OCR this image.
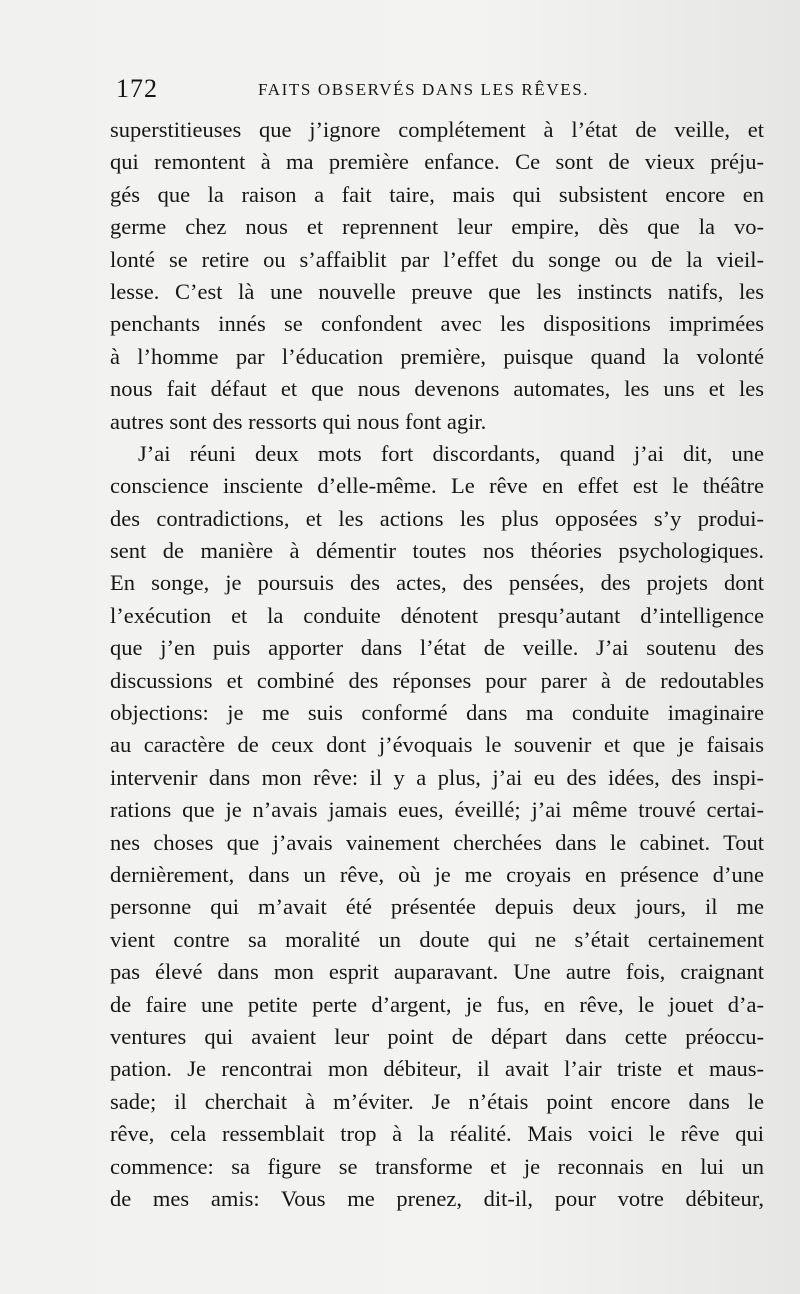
172	FAITS OBSERVÉS DANS LES RÊVES.
superstitieuses que j’ignore complétement à l’état de veille, et
qui remontent à ma première enfance. Ce sont de vieux préju-
gés que la raison a fait taire, mais qui subsistent encore en
germe chez nous et reprennent leur empire, dès que la vo-
lonté se retire ou s’affaiblit par l’effet du songe ou de la vieil-
lesse. C’est là une nouvelle preuve que les instincts natifs, les
penchants innés se confondent avec les dispositions imprimées
à l’homme par l’éducation première, puisque quand la volonté
nous fait défaut et que nous devenons automates, les uns et les
autres sont des ressorts qui nous font agir.
J’ai réuni deux mots fort discordants, quand j’ai dit, une
conscience insciente d’elle-même. Le rêve en effet est le théâtre
des contradictions, et les actions les plus opposées s’y produi-
sent de manière à démentir toutes nos théories psychologiques.
En songe, je poursuis des actes, des pensées, des projets dont
l’exécution et la conduite dénotent presqu’autant d’intelligence
que j’en puis apporter dans l’état de veille. J’ai soutenu des
discussions et combiné des réponses pour parer à de redoutables
objections: je me suis conformé dans ma conduite imaginaire
au caractère de ceux dont j’évoquais le souvenir et que je faisais
intervenir dans mon rêve: il y a plus, j’ai eu des idées, des inspi-
rations que je n’avais jamais eues, éveillé; j’ai même trouvé certai-
nes choses que j’avais vainement cherchées dans le cabinet. Tout
dernièrement, dans un rêve, où je me croyais en présence d’une
personne qui m’avait été présentée depuis deux jours, il me
vient contre sa moralité un doute qui ne s’était certainement
pas élevé dans mon esprit auparavant. Une autre fois, craignant
de faire une petite perte d’argent, je fus, en rêve, le jouet d’a-
ventures qui avaient leur point de départ dans cette préoccu-
pation. Je rencontrai mon débiteur, il avait l’air triste et maus-
sade; il cherchait à m’éviter. Je n’étais point encore dans le
rêve, cela ressemblait trop à la réalité. Mais voici le rêve qui
commence: sa figure se transforme et je reconnais en lui un
de mes amis: Vous me prenez, dit-il, pour votre débiteur,
